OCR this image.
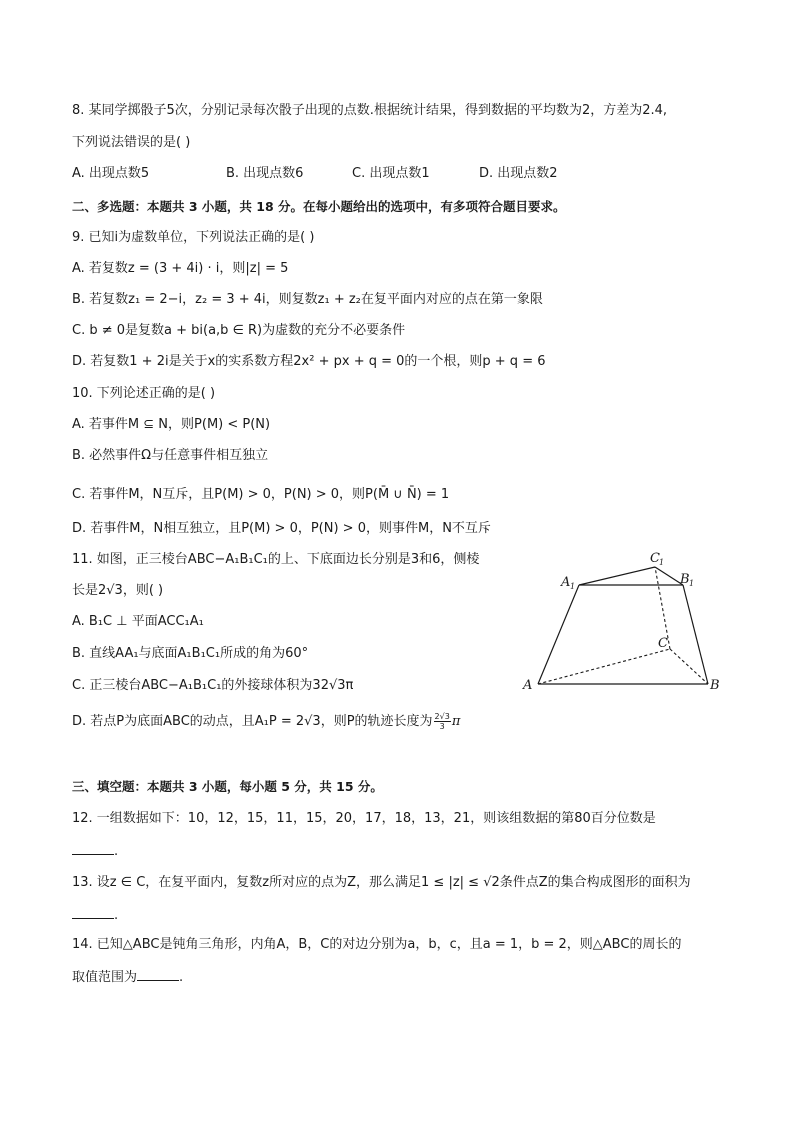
8. 某同学掷骰子5次，分别记录每次骰子出现的点数.根据统计结果，得到数据的平均数为2，方差为2.4,
下列说法错误的是( )
A. 出现点数5	B. 出现点数6	C. 出现点数1	D. 出现点数2
二、多选题：本题共 3 小题，共 18 分。在每小题给出的选项中，有多项符合题目要求。
9. 已知i为虚数单位，下列说法正确的是( )
A. 若复数z = (3 + 4i) · i，则|z| = 5
B. 若复数z₁ = 2−i，z₂ = 3 + 4i，则复数z₁ + z₂在复平面内对应的点在第一象限
C. b ≠ 0是复数a + bi(a,b ∈ R)为虚数的充分不必要条件
D. 若复数1 + 2i是关于x的实系数方程2x² + px + q = 0的一个根，则p + q = 6
10. 下列论述正确的是( )
A. 若事件M ⊆ N，则P(M) < P(N)
B. 必然事件Ω与任意事件相互独立
C. 若事件M，N互斥，且P(M) > 0，P(N) > 0，则P(M̄ ∪ N̄) = 1
D. 若事件M，N相互独立，且P(M) > 0，P(N) > 0，则事件M，N不互斥
11. 如图，正三棱台ABC−A₁B₁C₁的上、下底面边长分别是3和6，侧棱
长是2√3，则( )
A. B₁C ⊥ 平面ACC₁A₁
B. 直线AA₁与底面A₁B₁C₁所成的角为60°
C. 正三棱台ABC−A₁B₁C₁的外接球体积为32√3π
D. 若点P为底面ABC的动点，且A₁P = 2√3，则P的轨迹长度为 $\frac{2√3}{3}$ π
A	B
C
A 1	B 1
C 1
三、填空题：本题共 3 小题，每小题 5 分，共 15 分。
12. 一组数据如下：10，12，15，11，15，20，17，18，13，21，则该组数据的第80百分位数是
.
13. 设z ∈ C，在复平面内，复数z所对应的点为Z，那么满足1 ≤ |z| ≤ √2条件点Z的集合构成图形的面积为
.
14. 已知△ABC是钝角三角形，内角A，B，C的对边分别为a，b，c，且a = 1，b = 2，则△ABC的周长的
取值范围为	.
